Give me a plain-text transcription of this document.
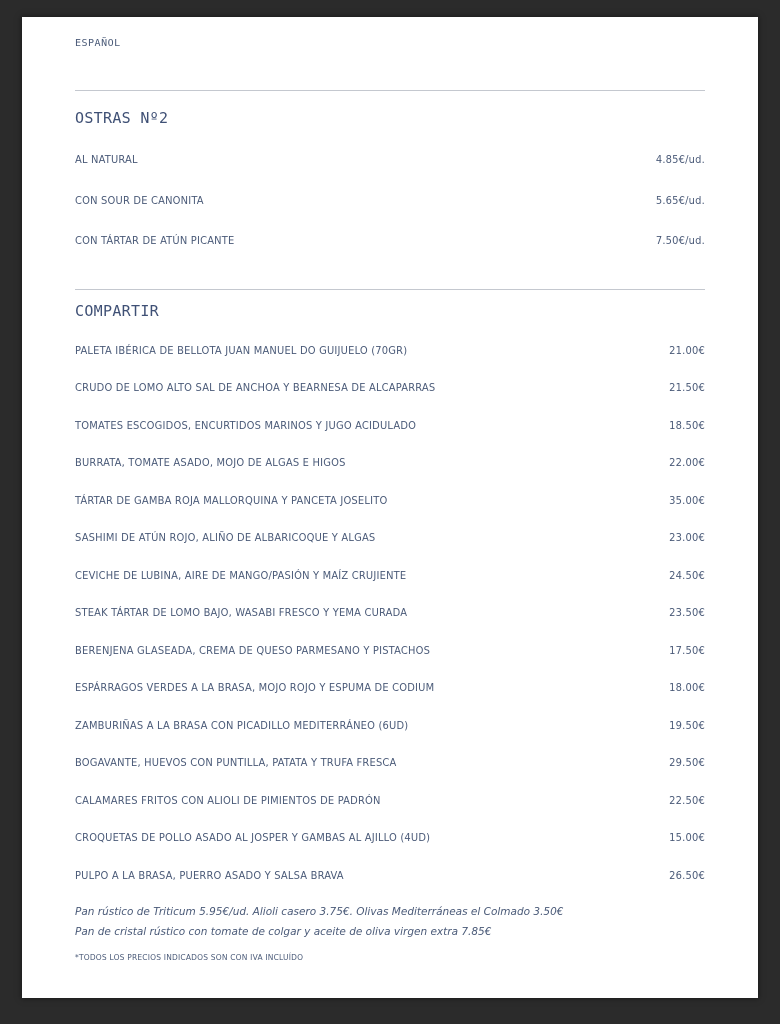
ESPAÑOL
OSTRAS Nº2
AL NATURAL	4.85€/ud.
CON SOUR DE CANONITA	5.65€/ud.
CON TÁRTAR DE ATÚN PICANTE	7.50€/ud.
COMPARTIR
PALETA IBÉRICA DE BELLOTA JUAN MANUEL DO GUIJUELO (70GR)	21.00€
CRUDO DE LOMO ALTO SAL DE ANCHOA Y BEARNESA DE ALCAPARRAS	21.50€
TOMATES ESCOGIDOS, ENCURTIDOS MARINOS Y JUGO ACIDULADO	18.50€
BURRATA, TOMATE ASADO, MOJO DE ALGAS E HIGOS	22.00€
TÁRTAR DE GAMBA ROJA MALLORQUINA Y PANCETA JOSELITO	35.00€
SASHIMI DE ATÚN ROJO, ALIÑO DE ALBARICOQUE Y ALGAS	23.00€
CEVICHE DE LUBINA, AIRE DE MANGO/PASIÓN Y MAÍZ CRUJIENTE	24.50€
STEAK TÁRTAR DE LOMO BAJO, WASABI FRESCO Y YEMA CURADA	23.50€
BERENJENA GLASEADA, CREMA DE QUESO PARMESANO Y PISTACHOS	17.50€
ESPÁRRAGOS VERDES A LA BRASA, MOJO ROJO Y ESPUMA DE CODIUM	18.00€
ZAMBURIÑAS A LA BRASA CON PICADILLO MEDITERRÁNEO (6UD)	19.50€
BOGAVANTE, HUEVOS CON PUNTILLA, PATATA Y TRUFA FRESCA	29.50€
CALAMARES FRITOS CON ALIOLI DE PIMIENTOS DE PADRÓN	22.50€
CROQUETAS DE POLLO ASADO AL JOSPER Y GAMBAS AL AJILLO (4UD)	15.00€
PULPO A LA BRASA, PUERRO ASADO Y SALSA BRAVA	26.50€
Pan rústico de Triticum 5.95€/ud. Alioli casero 3.75€. Olivas Mediterráneas el Colmado 3.50€
Pan de cristal rústico con tomate de colgar y aceite de oliva virgen extra 7.85€
*TODOS LOS PRECIOS INDICADOS SON CON IVA INCLUÍDO
